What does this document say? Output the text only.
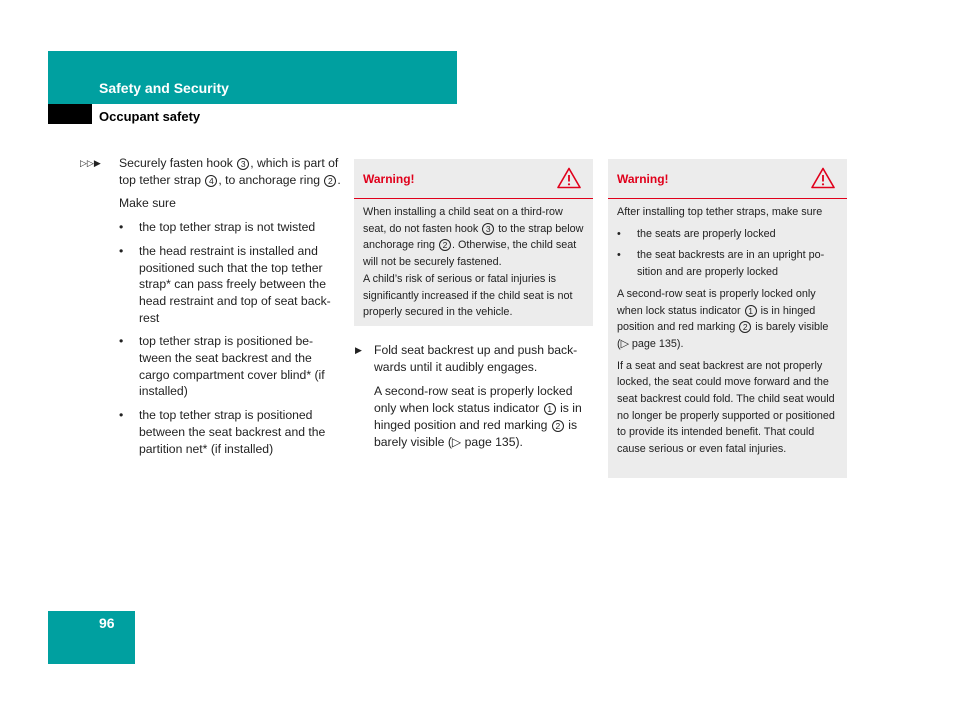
Safety and Security
Occupant safety
▷▷▶ Securely fasten hook 3 , which is part of top tether strap 4 , to anchorage ring 2 .
Make sure
• the top tether strap is not twisted
• the head restraint is installed and positioned such that the top tether strap* can pass freely between the head restraint and top of seat back-rest
• top tether strap is positioned be-tween the seat backrest and the cargo compartment cover blind* (if installed)
• the top tether strap is positioned between the seat backrest and the partition net* (if installed)
Warning!
When installing a child seat on a third-row seat, do not fasten hook 3 to the strap below anchorage ring 2 . Otherwise, the child seat will not be securely fastened.
A child’s risk of serious or fatal injuries is significantly increased if the child seat is not properly secured in the vehicle.
▶ Fold seat backrest up and push back-wards until it audibly engages.
A second-row seat is properly locked only when lock status indicator 1 is in hinged position and red marking 2 is barely visible (▷ page 135).
Warning!
After installing top tether straps, make sure
• the seats are properly locked
• the seat backrests are in an upright po-sition and are properly locked
A second-row seat is properly locked only when lock status indicator 1 is in hinged position and red marking 2 is barely visible (▷ page 135).
If a seat and seat backrest are not properly locked, the seat could move forward and the seat backrest could fold. The child seat would no longer be properly supported or positioned to provide its intended benefit. That could cause serious or even fatal injuries.
96
